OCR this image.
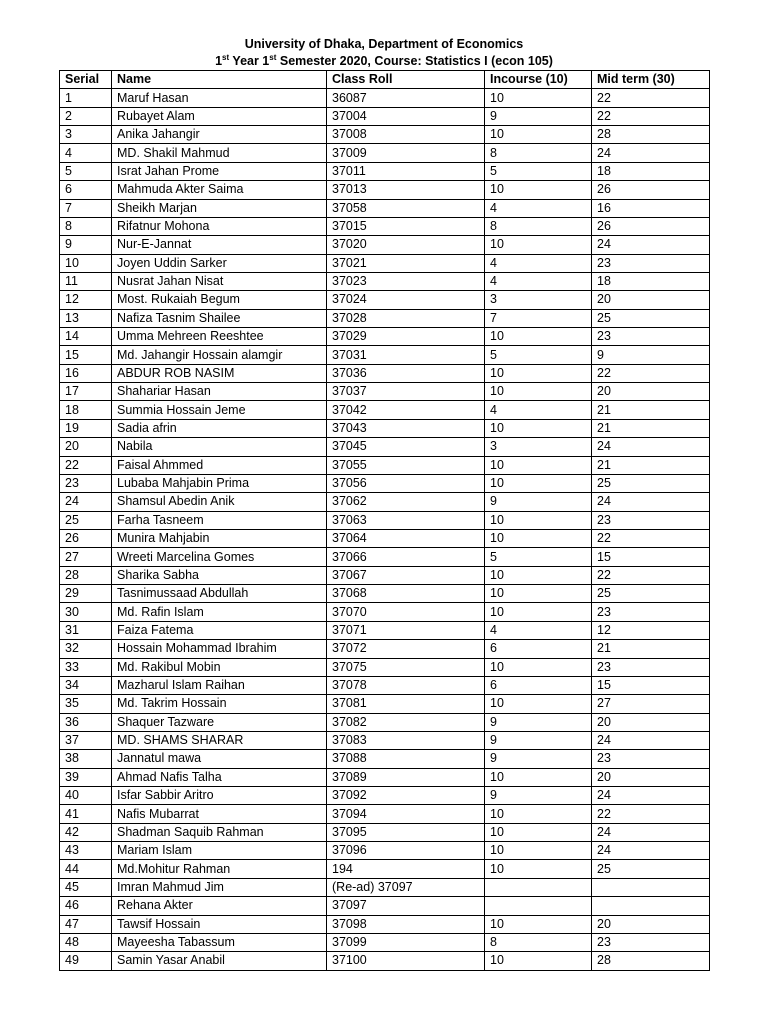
University of Dhaka, Department of Economics
1st Year 1st Semester 2020, Course: Statistics I (econ 105)
Serial	Name	Class Roll	Incourse (10)	Mid term (30)
1	Maruf Hasan	36087	10	22
2	Rubayet Alam	37004	9	22
3	Anika Jahangir	37008	10	28
4	MD. Shakil Mahmud	37009	8	24
5	Israt Jahan Prome	37011	5	18
6	Mahmuda Akter Saima	37013	10	26
7	Sheikh Marjan	37058	4	16
8	Rifatnur Mohona	37015	8	26
9	Nur-E-Jannat	37020	10	24
10	Joyen Uddin Sarker	37021	4	23
11	Nusrat Jahan Nisat	37023	4	18
12	Most. Rukaiah Begum	37024	3	20
13	Nafiza Tasnim Shailee	37028	7	25
14	Umma Mehreen Reeshtee	37029	10	23
15	Md. Jahangir Hossain alamgir	37031	5	9
16	ABDUR ROB NASIM	37036	10	22
17	Shahariar Hasan	37037	10	20
18	Summia Hossain Jeme	37042	4	21
19	Sadia afrin	37043	10	21
20	Nabila	37045	3	24
22	Faisal Ahmmed	37055	10	21
23	Lubaba Mahjabin Prima	37056	10	25
24	Shamsul Abedin Anik	37062	9	24
25	Farha Tasneem	37063	10	23
26	Munira Mahjabin	37064	10	22
27	Wreeti Marcelina Gomes	37066	5	15
28	Sharika Sabha	37067	10	22
29	Tasnimussaad Abdullah	37068	10	25
30	Md. Rafin Islam	37070	10	23
31	Faiza Fatema	37071	4	12
32	Hossain Mohammad Ibrahim	37072	6	21
33	Md. Rakibul Mobin	37075	10	23
34	Mazharul Islam Raihan	37078	6	15
35	Md. Takrim Hossain	37081	10	27
36	Shaquer Tazware	37082	9	20
37	MD. SHAMS SHARAR	37083	9	24
38	Jannatul mawa	37088	9	23
39	Ahmad Nafis Talha	37089	10	20
40	Isfar Sabbir Aritro	37092	9	24
41	Nafis Mubarrat	37094	10	22
42	Shadman Saquib Rahman	37095	10	24
43	Mariam Islam	37096	10	24
44	Md.Mohitur Rahman	194	10	25
45	Imran Mahmud Jim	(Re-ad) 37097		
46	Rehana Akter	37097		
47	Tawsif Hossain	37098	10	20
48	Mayeesha Tabassum	37099	8	23
49	Samin Yasar Anabil	37100	10	28
